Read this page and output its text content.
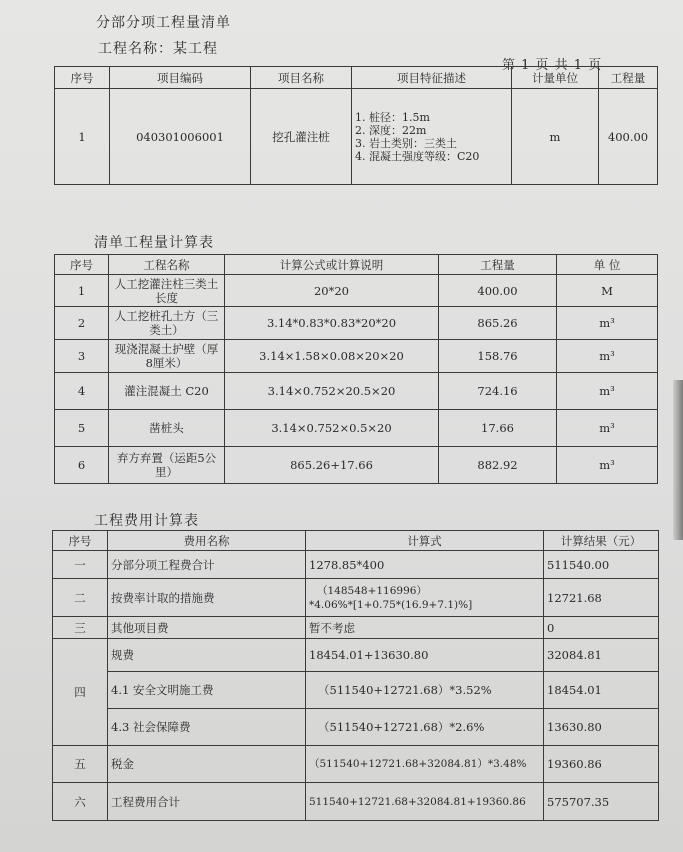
分部分项工程量清单
工程名称：某工程
第 1 页 共 1 页
序号	项目编码	项目名称	项目特征描述	计量单位	工程量
1	040301006001	挖孔灌注桩	1. 桩径：1.5m
2. 深度：22m
3. 岩土类别：三类土
4. 混凝土强度等级：C20	m	400.00
清单工程量计算表
序号	工程名称	计算公式或计算说明	工程量	单 位
1	人工挖灌注柱三类土长度	20*20	400.00	M
2	人工挖桩孔土方（三类土）	3.14*0.83*0.83*20*20	865.26	m³
3	现浇混凝土护壁（厚8厘米）	3.14×1.58×0.08×20×20	158.76	m³
4	灌注混凝土 C20	3.14×0.752×20.5×20	724.16	m³
5	凿桩头	3.14×0.752×0.5×20	17.66	m³
6	弃方弃置（运距5公里）	865.26+17.66	882.92	m³
工程费用计算表
序号	费用名称	计算式	计算结果（元）
一	分部分项工程费合计	1278.85*400	511540.00
二	按费率计取的措施费	（148548+116996）
*4.06%*[1+0.75*(16.9+7.1)%]	12721.68
三	其他项目费	暂不考虑	0
四	规费	18454.01+13630.80	32084.81
	4.1 安全文明施工费	（511540+12721.68）*3.52%	18454.01
	4.3 社会保障费	（511540+12721.68）*2.6%	13630.80
五	税金	（511540+12721.68+32084.81）*3.48%	19360.86
六	工程费用合计	511540+12721.68+32084.81+19360.86	575707.35
